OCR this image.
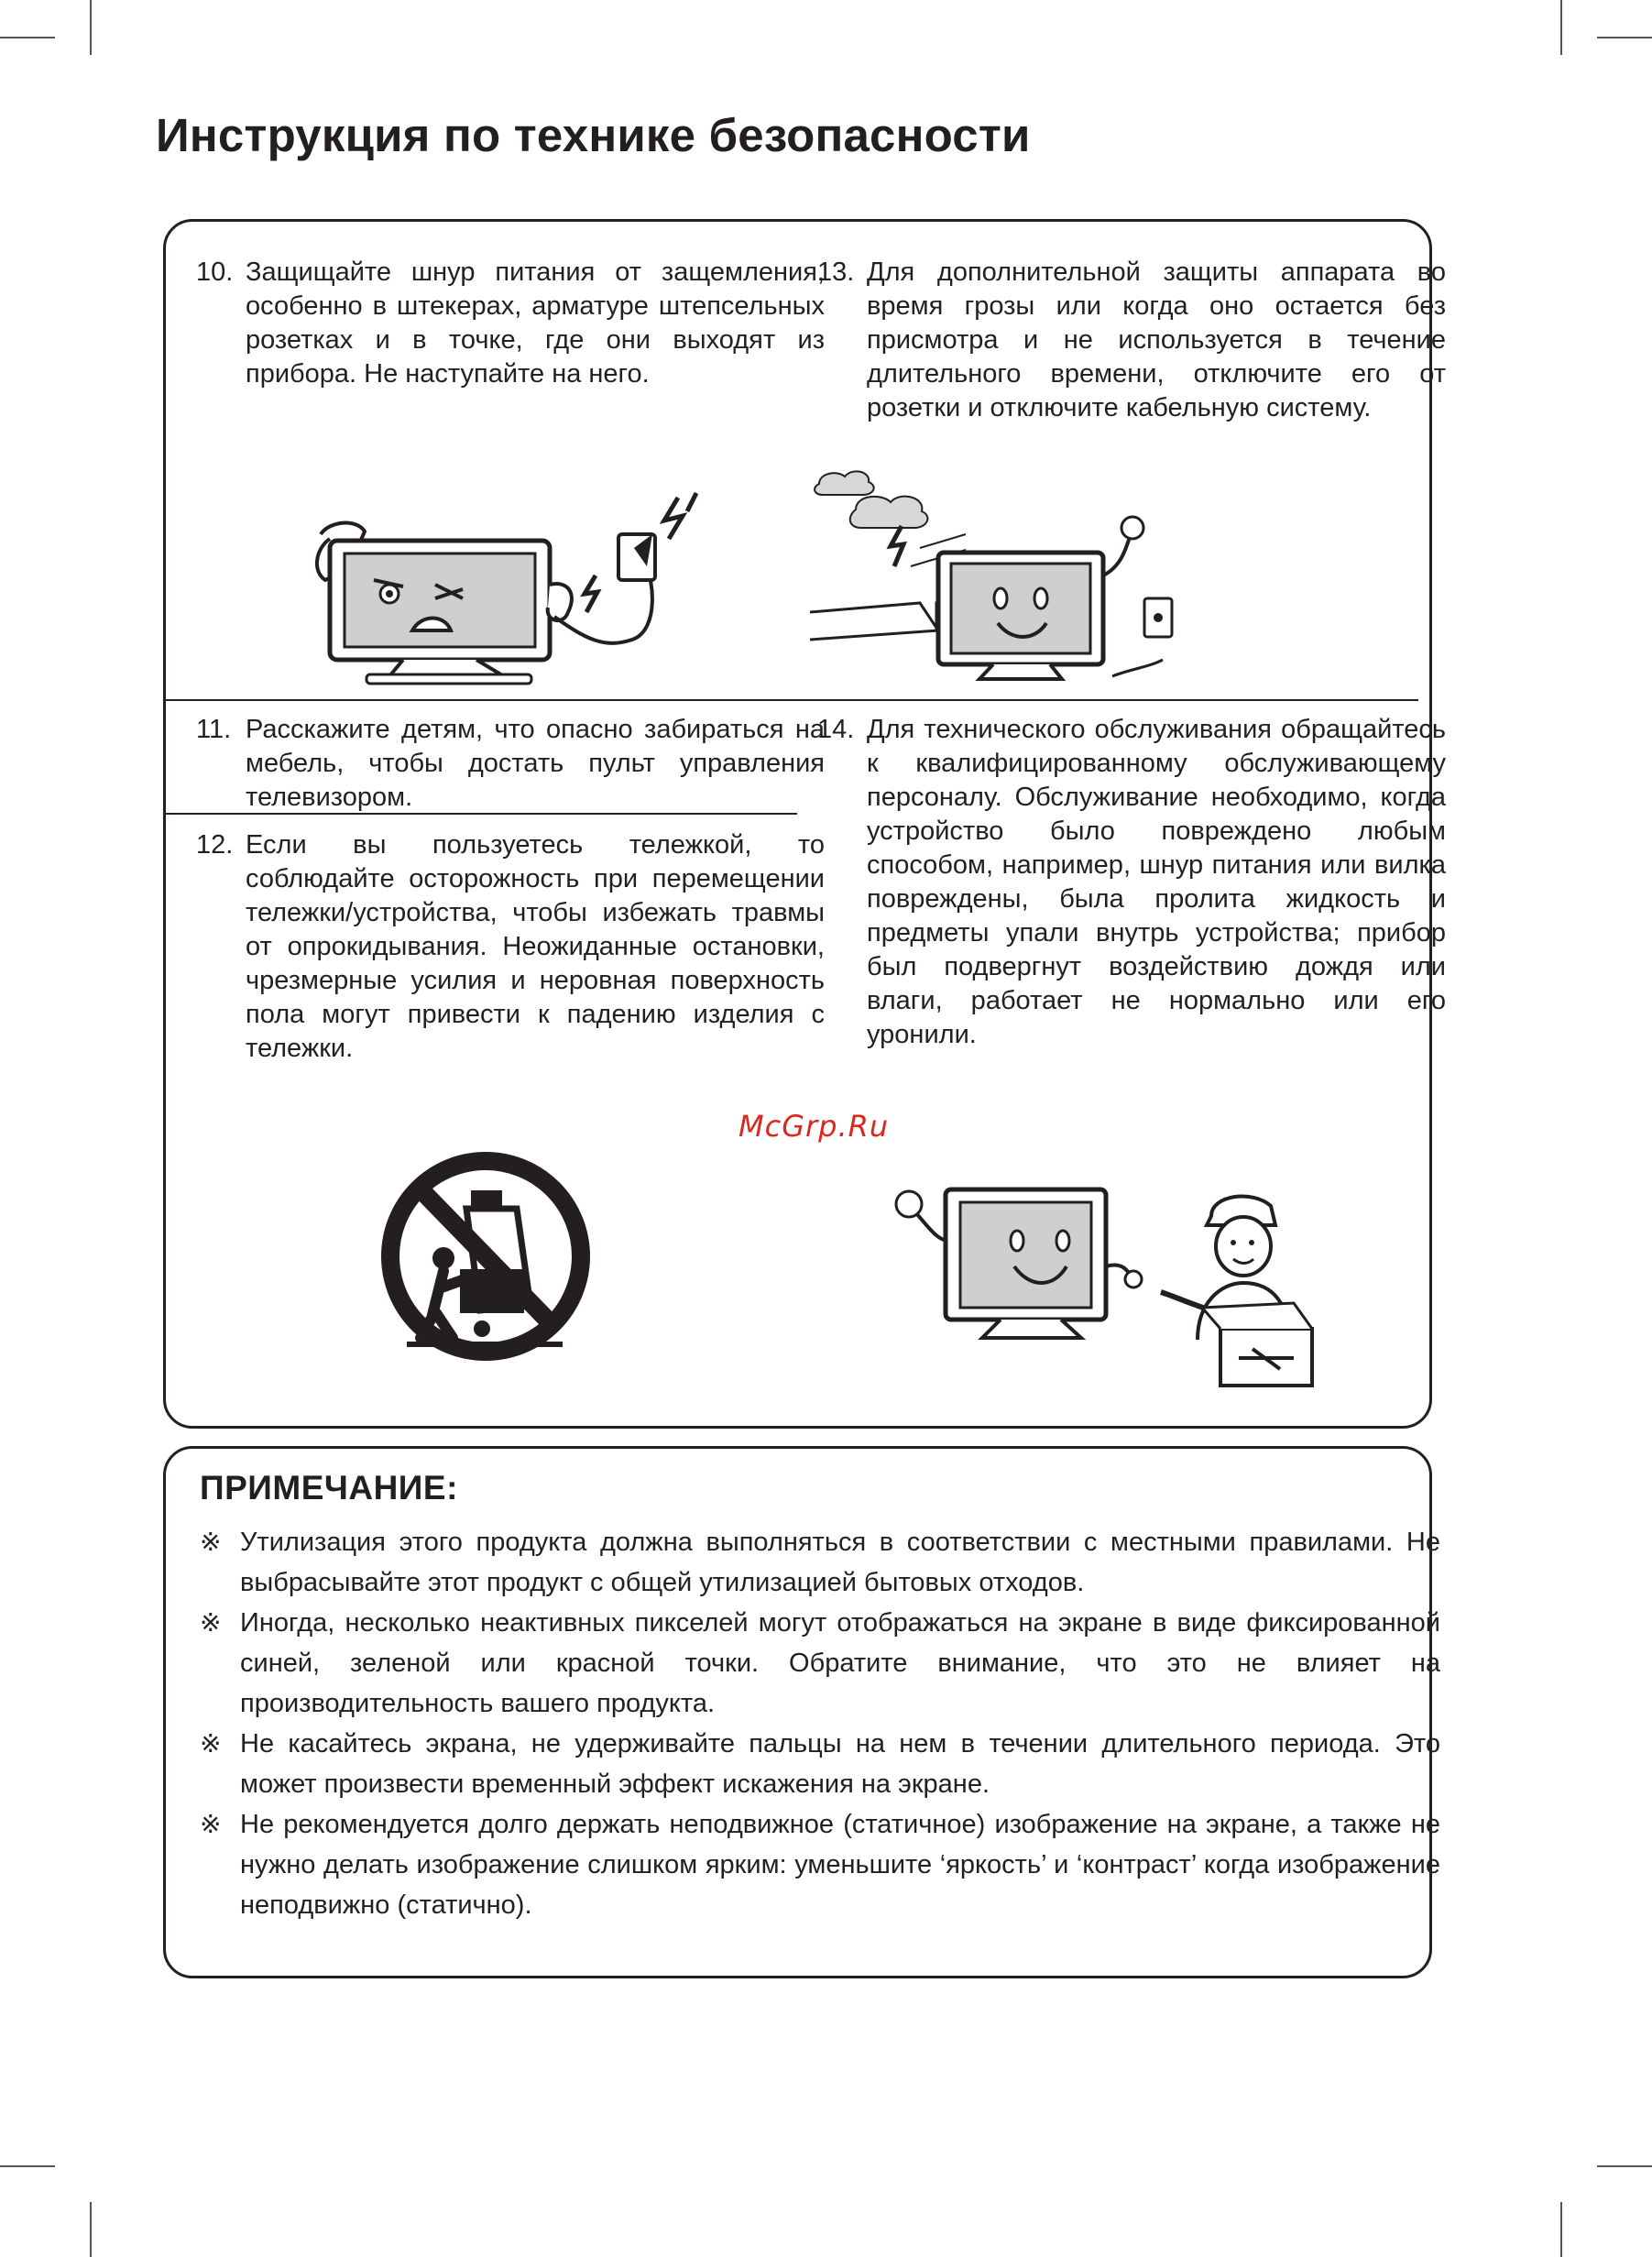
Инструкция по технике безопасности

10. Защищайте шнур питания от защемления, особенно в штекерах, арматуре штепсельных розетках и в точке, где они выходят из прибора. Не наступайте на него.

13. Для дополнительной защиты аппарата во время грозы или когда оно остается без присмотра и не используется в течение длительного времени, отключите его от розетки и отключите кабельную систему.

11. Расскажите детям, что опасно забираться на мебель, чтобы достать пульт управления телевизором.

12. Если вы пользуетесь тележкой, то соблюдайте осторожность при перемещении тележки/устройства, чтобы избежать травмы от опрокидывания. Неожиданные остановки, чрезмерные усилия и неровная поверхность пола могут привести к падению изделия с тележки.

14. Для технического обслуживания обращайтесь к квалифицированному обслуживающему персоналу. Обслуживание необходимо, когда устройство было повреждено любым способом, например, шнур питания или вилка повреждены, была пролита жидкость и предметы упали внутрь устройства; прибор был подвергнут воздействию дождя или влаги, работает не нормально или его уронили.

McGrp.Ru

ПРИМЕЧАНИЕ:

※ Утилизация этого продукта должна выполняться в соответствии с местными правилами. Не выбрасывайте этот продукт с общей утилизацией бытовых отходов.

※ Иногда, несколько неактивных пикселей могут отображаться на экране в виде фиксированной синей, зеленой или красной точки. Обратите внимание, что это не влияет на производительность вашего продукта.

※ Не касайтесь экрана, не удерживайте пальцы на нем в течении длительного периода. Это может произвести временный эффект искажения на экране.

※ Не рекомендуется долго держать неподвижное (статичное) изображение на экране, а также не нужно делать изображение слишком ярким: уменьшите ‘яркость’ и ‘контраст’ когда изображение неподвижно (статично).
